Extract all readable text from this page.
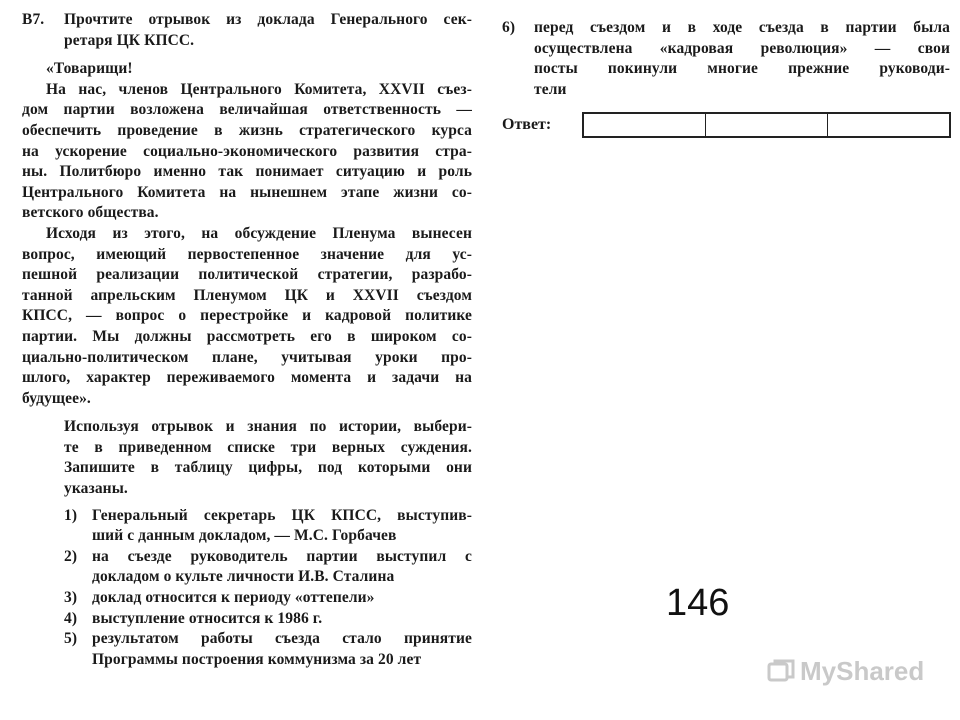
В7. Прочтите отрывок из доклада Генерального сек-
ретаря ЦК КПСС.
«Товарищи!
На нас, членов Центрального Комитета, XXVII съез-
дом партии возложена величайшая ответственность —
обеспечить проведение в жизнь стратегического курса
на ускорение социально-экономического развития стра-
ны. Политбюро именно так понимает ситуацию и роль
Центрального Комитета на нынешнем этапе жизни со-
ветского общества.
Исходя из этого, на обсуждение Пленума вынесен
вопрос, имеющий первостепенное значение для ус-
пешной реализации политической стратегии, разрабо-
танной апрельским Пленумом ЦК и XXVII съездом
КПСС, — вопрос о перестройке и кадровой политике
партии. Мы должны рассмотреть его в широком со-
циально-политическом плане, учитывая уроки про-
шлого, характер переживаемого момента и задачи на
будущее».
Используя отрывок и знания по истории, выбери-
те в приведенном списке три верных суждения.
Запишите в таблицу цифры, под которыми они
указаны.
1) Генеральный секретарь ЦК КПСС, выступив-
ший с данным докладом, — М.С. Горбачев
2) на съезде руководитель партии выступил с
докладом о культе личности И.В. Сталина
3) доклад относится к периоду «оттепели»
4) выступление относится к 1986 г.
5) результатом работы съезда стало принятие
Программы построения коммунизма за 20 лет
6) перед съездом и в ходе съезда в партии была
осуществлена «кадровая революция» — свои
посты покинули многие прежние руководи-
тели
Ответ:
146
MyShared
